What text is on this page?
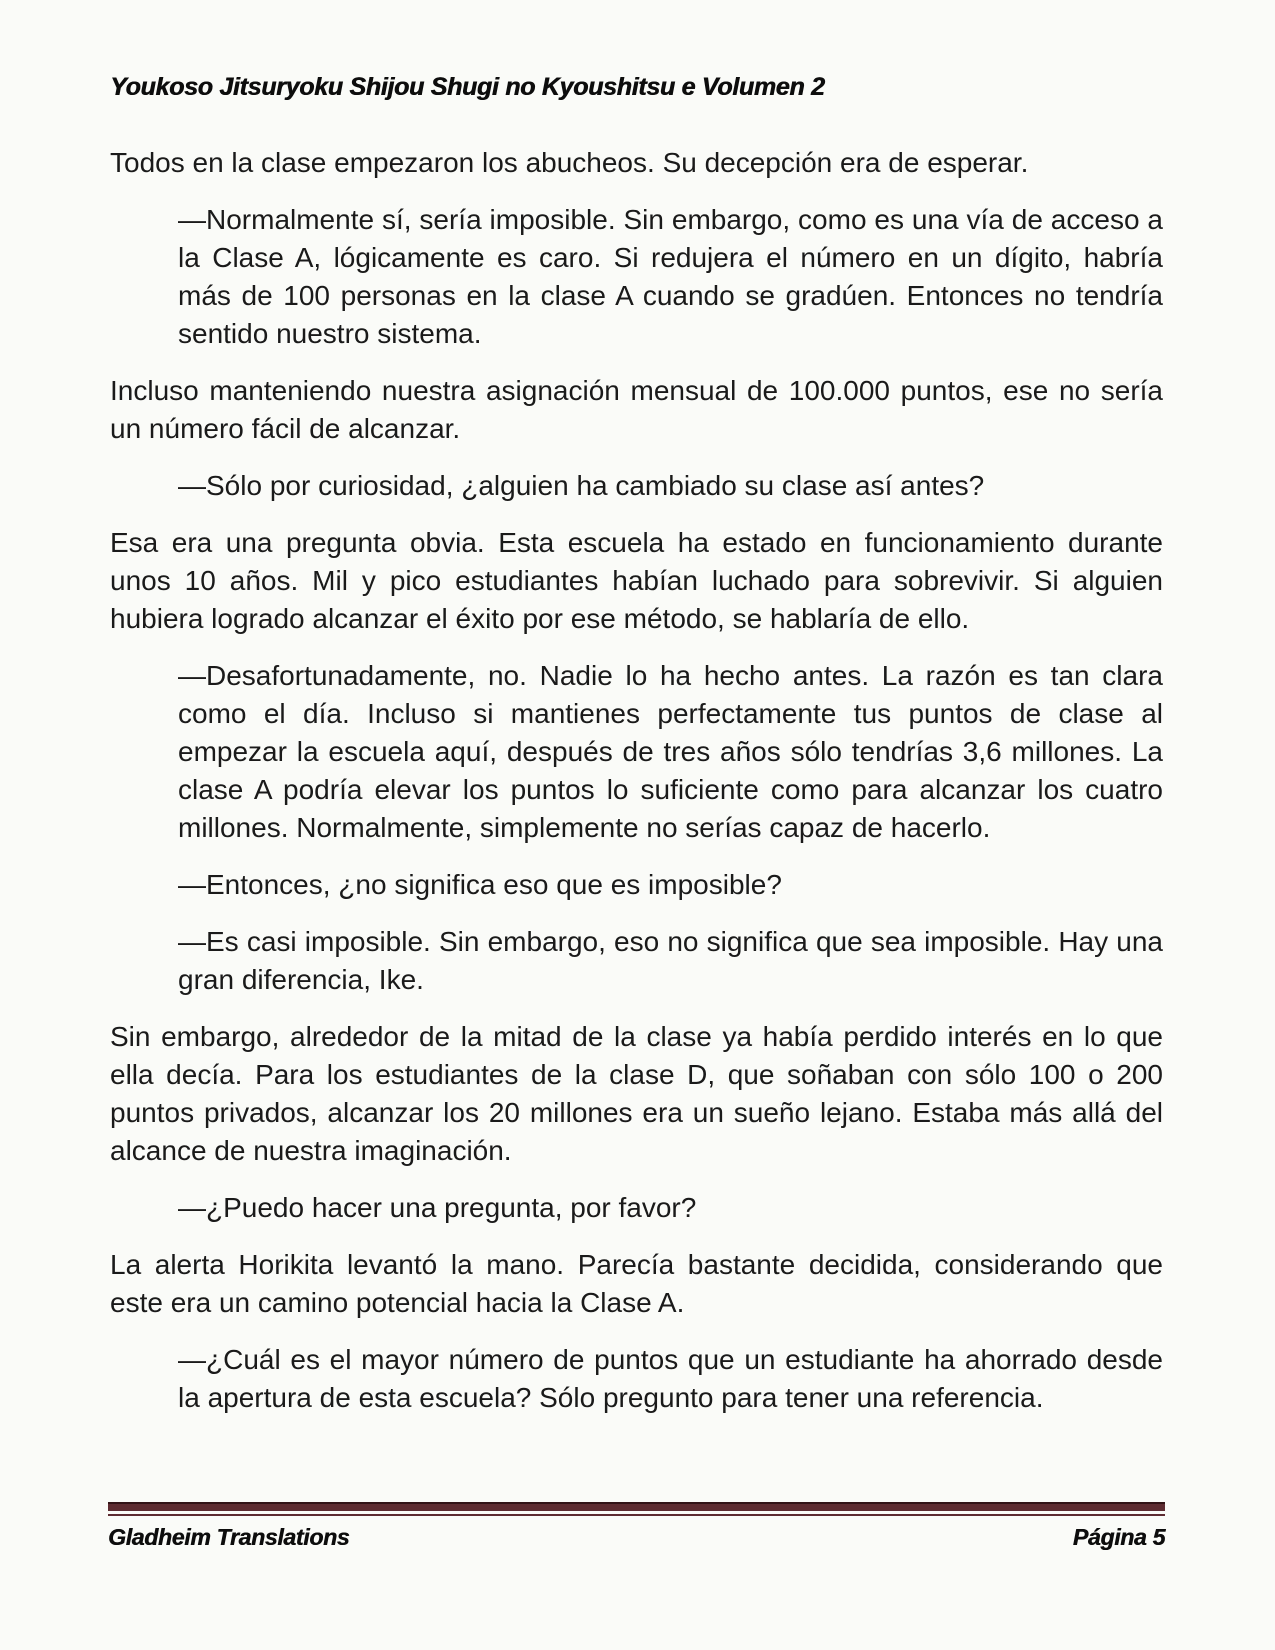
Youkoso Jitsuryoku Shijou Shugi no Kyoushitsu e Volumen 2

Todos en la clase empezaron los abucheos. Su decepción era de esperar.

—Normalmente sí, sería imposible. Sin embargo, como es una vía de acceso a la Clase A, lógicamente es caro. Si redujera el número en un dígito, habría más de 100 personas en la clase A cuando se gradúen. Entonces no tendría sentido nuestro sistema.

Incluso manteniendo nuestra asignación mensual de 100.000 puntos, ese no sería un número fácil de alcanzar.

—Sólo por curiosidad, ¿alguien ha cambiado su clase así antes?

Esa era una pregunta obvia. Esta escuela ha estado en funcionamiento durante unos 10 años. Mil y pico estudiantes habían luchado para sobrevivir. Si alguien hubiera logrado alcanzar el éxito por ese método, se hablaría de ello.

—Desafortunadamente, no. Nadie lo ha hecho antes. La razón es tan clara como el día. Incluso si mantienes perfectamente tus puntos de clase al empezar la escuela aquí, después de tres años sólo tendrías 3,6 millones. La clase A podría elevar los puntos lo suficiente como para alcanzar los cuatro millones. Normalmente, simplemente no serías capaz de hacerlo.

—Entonces, ¿no significa eso que es imposible?

—Es casi imposible. Sin embargo, eso no significa que sea imposible. Hay una gran diferencia, Ike.

Sin embargo, alrededor de la mitad de la clase ya había perdido interés en lo que ella decía. Para los estudiantes de la clase D, que soñaban con sólo 100 o 200 puntos privados, alcanzar los 20 millones era un sueño lejano. Estaba más allá del alcance de nuestra imaginación.

—¿Puedo hacer una pregunta, por favor?

La alerta Horikita levantó la mano. Parecía bastante decidida, considerando que este era un camino potencial hacia la Clase A.

—¿Cuál es el mayor número de puntos que un estudiante ha ahorrado desde la apertura de esta escuela? Sólo pregunto para tener una referencia.

Gladheim Translations	Página 5
